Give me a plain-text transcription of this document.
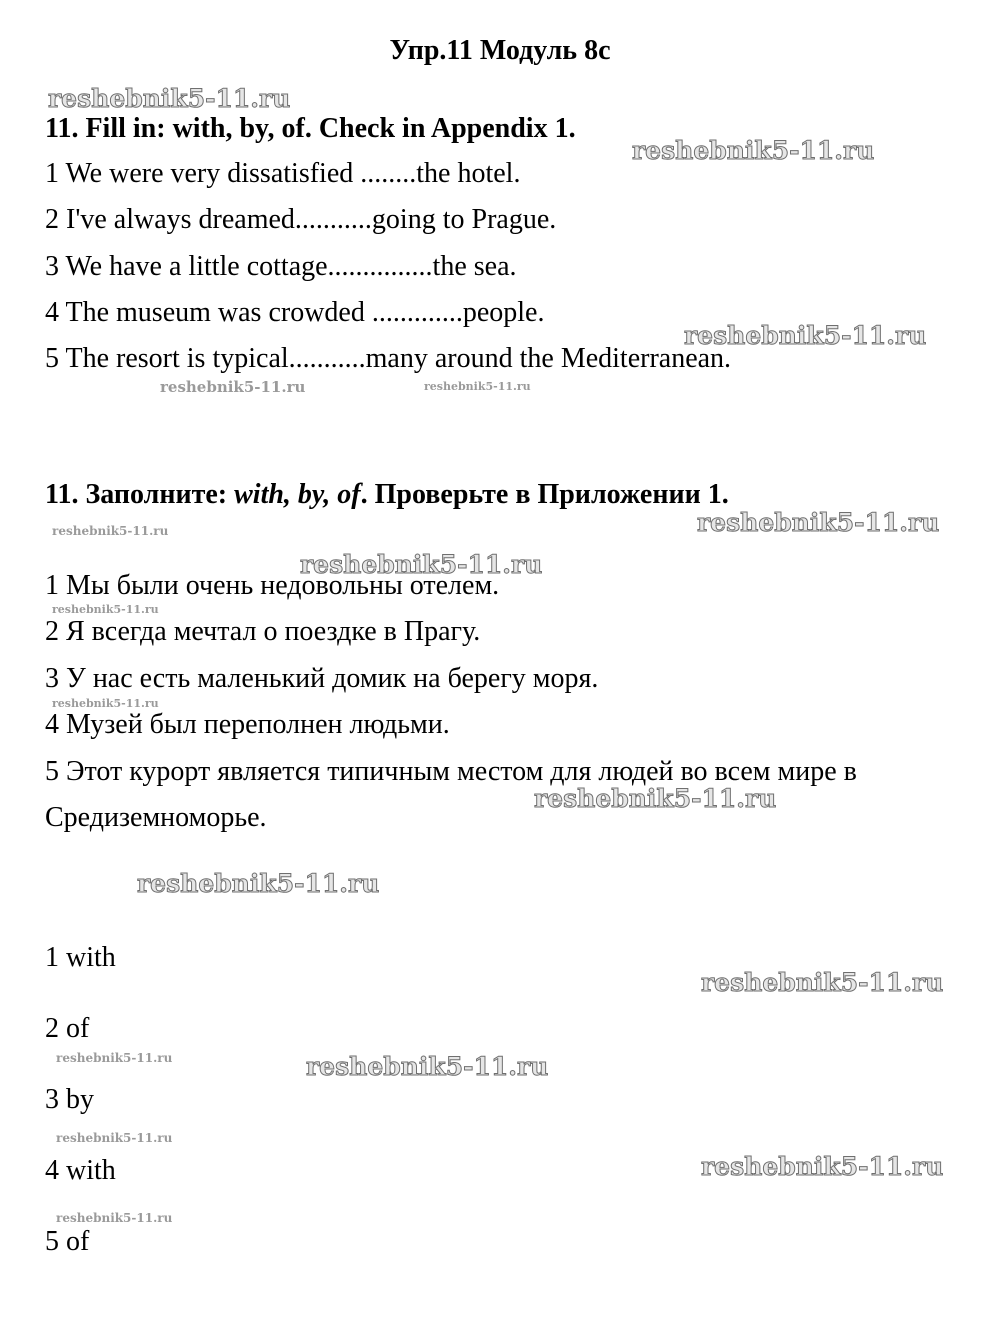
Упр.11 Модуль 8с
11. Fill in: with, by, of. Check in Appendix 1.
1 We were very dissatisfied ........the hotel.
2 I've always dreamed...........going to Prague.
3 We have a little cottage...............the sea.
4 The museum was crowded .............people.
5 The resort is typical...........many around the Mediterranean.
11. Заполните: with, by, of. Проверьте в Приложении 1.
1 Мы были очень недовольны отелем.
2 Я всегда мечтал о поездке в Прагу.
3 У нас есть маленький домик на берегу моря.
4 Музей был переполнен людьми.
5 Этот курорт является типичным местом для людей во всем мире в
Средиземноморье.
1 with
2 of
3 by
4 with
5 of
reshebnik5-11.ru
reshebnik5-11.ru
reshebnik5-11.ru
reshebnik5-11.ru	reshebnik5-11.ru
reshebnik5-11.ru
reshebnik5-11.ru
reshebnik5-11.ru
reshebnik5-11.ru
reshebnik5-11.ru
reshebnik5-11.ru
reshebnik5-11.ru
reshebnik5-11.ru
reshebnik5-11.ru	reshebnik5-11.ru
reshebnik5-11.ru
reshebnik5-11.ru
reshebnik5-11.ru
